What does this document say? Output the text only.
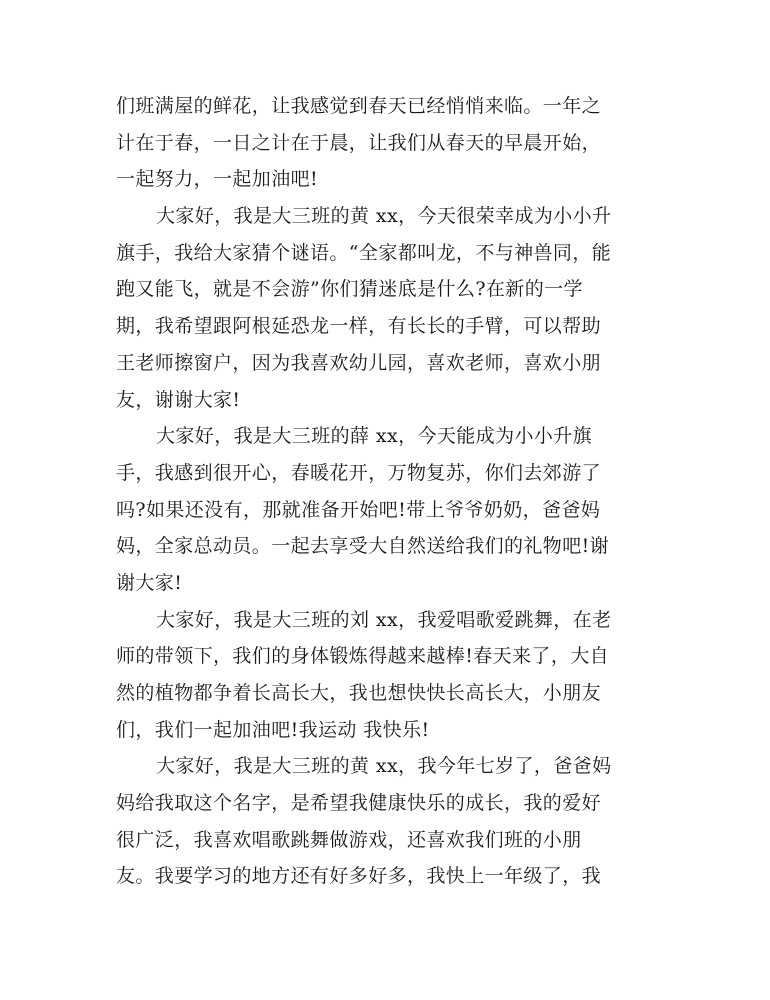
们班满屋的鲜花，让我感觉到春天已经悄悄来临。一年之
计在于春，一日之计在于晨，让我们从春天的早晨开始，
一起努力，一起加油吧!
大家好，我是大三班的黄 xx，今天很荣幸成为小小升
旗手，我给大家猜个谜语。“全家都叫龙，不与神兽同，能
跑又能飞，就是不会游”你们猜迷底是什么?在新的一学
期，我希望跟阿根延恐龙一样，有长长的手臂，可以帮助
王老师擦窗户，因为我喜欢幼儿园，喜欢老师，喜欢小朋
友，谢谢大家!
大家好，我是大三班的薛 xx，今天能成为小小升旗
手，我感到很开心，春暖花开，万物复苏，你们去郊游了
吗?如果还没有，那就准备开始吧!带上爷爷奶奶，爸爸妈
妈，全家总动员。一起去享受大自然送给我们的礼物吧!谢
谢大家!
大家好，我是大三班的刘 xx，我爱唱歌爱跳舞，在老
师的带领下，我们的身体锻炼得越来越棒!春天来了，大自
然的植物都争着长高长大，我也想快快长高长大，小朋友
们，我们一起加油吧!我运动 我快乐!
大家好，我是大三班的黄 xx，我今年七岁了，爸爸妈
妈给我取这个名字，是希望我健康快乐的成长，我的爱好
很广泛，我喜欢唱歌跳舞做游戏，还喜欢我们班的小朋
友。我要学习的地方还有好多好多，我快上一年级了，我
